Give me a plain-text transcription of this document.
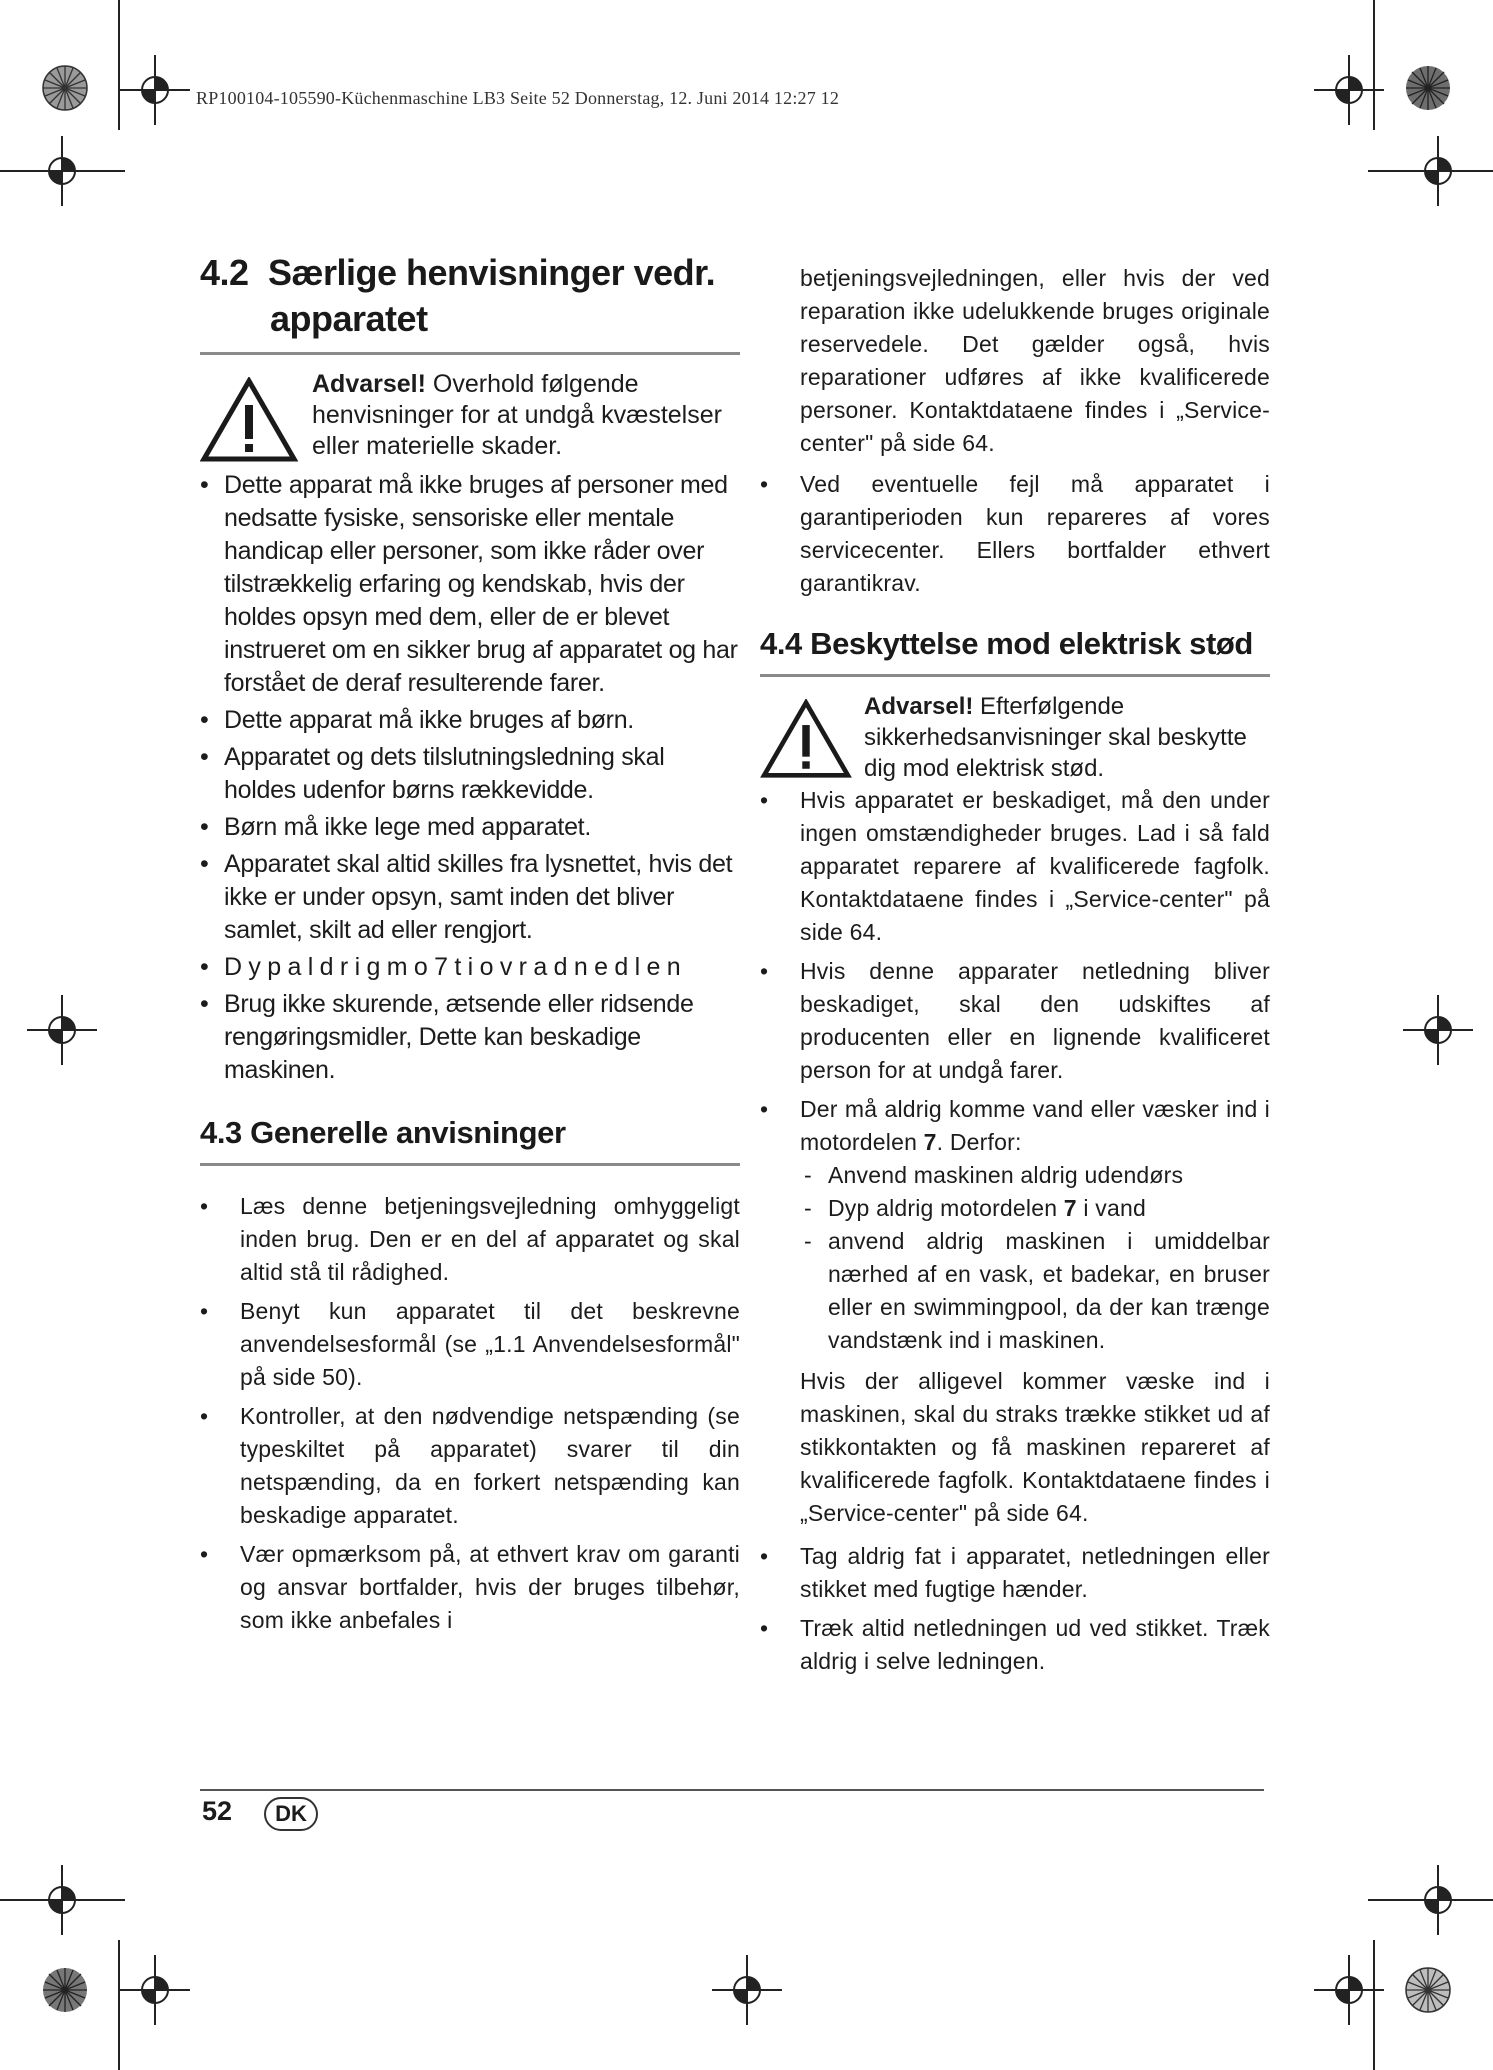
RP100104-105590-Küchenmaschine LB3 Seite 52 Donnerstag, 12. Juni 2014 12:27 12
4.2 Særlige henvisninger vedr.
apparatet
Advarsel! Overhold følgende henvisninger for at undgå kvæstelser eller materielle skader.
• Dette apparat må ikke bruges af personer med nedsatte fysiske, sensoriske eller mentale handicap eller personer, som ikke råder over tilstrækkelig erfaring og kendskab, hvis der holdes opsyn med dem, eller de er blevet instrueret om en sikker brug af apparatet og har forstået de deraf resulterende farer.
• Dette apparat må ikke bruges af børn.
• Apparatet og dets tilslutningsledning skal holdes udenfor børns rækkevidde.
• Børn må ikke lege med apparatet.
• Apparatet skal altid skilles fra lysnettet, hvis det ikke er under opsyn, samt inden det bliver samlet, skilt ad eller rengjort.
• D y p a l d r i g m o 7 t i o v r a d n e d l e n
• Brug ikke skurende, ætsende eller ridsende rengøringsmidler, Dette kan beskadige maskinen.
4.3 Generelle anvisninger
• Læs denne betjeningsvejledning omhyggeligt inden brug. Den er en del af apparatet og skal altid stå til rådighed.
• Benyt kun apparatet til det beskrevne anvendelsesformål (se „1.1 Anvendelsesformål" på side 50).
• Kontroller, at den nødvendige netspænding (se typeskiltet på apparatet) svarer til din netspænding, da en forkert netspænding kan beskadige apparatet.
• Vær opmærksom på, at ethvert krav om garanti og ansvar bortfalder, hvis der bruges tilbehør, som ikke anbefales i

betjeningsvejledningen, eller hvis der ved reparation ikke udelukkende bruges originale reservedele. Det gælder også, hvis reparationer udføres af ikke kvalificerede personer. Kontaktdataene findes i „Service-center" på side 64.

• Ved eventuelle fejl må apparatet i garantiperioden kun repareres af vores servicecenter. Ellers bortfalder ethvert garantikrav.
4.4 Beskyttelse mod elektrisk stød
Advarsel! Efterfølgende sikkerhedsanvisninger skal beskytte dig mod elektrisk stød.
• Hvis apparatet er beskadiget, må den under ingen omstændigheder bruges. Lad i så fald apparatet reparere af kvalificerede fagfolk. Kontaktdataene findes i „Service-center" på side 64.
• Hvis denne apparater netledning bliver beskadiget, skal den udskiftes af producenten eller en lignende kvalificeret person for at undgå farer.
• Der må aldrig komme vand eller væsker ind i motordelen 7. Derfor:
- Anvend maskinen aldrig udendørs
- Dyp aldrig motordelen 7 i vand
- anvend aldrig maskinen i umiddelbar nærhed af en vask, et badekar, en bruser eller en swimmingpool, da der kan trænge vandstænk ind i maskinen.

Hvis der alligevel kommer væske ind i maskinen, skal du straks trække stikket ud af stikkontakten og få maskinen repareret af kvalificerede fagfolk. Kontaktdataene findes i „Service-center" på side 64.

• Tag aldrig fat i apparatet, netledningen eller stikket med fugtige hænder.
• Træk altid netledningen ud ved stikket. Træk aldrig i selve ledningen.
52	DK
